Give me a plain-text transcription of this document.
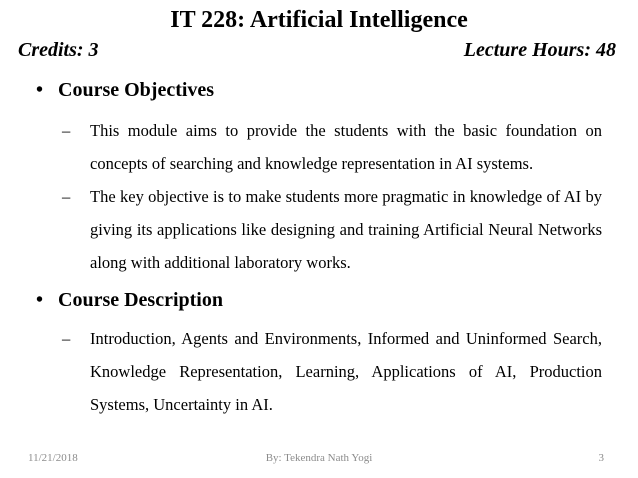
IT 228: Artificial Intelligence
Credits: 3	Lecture Hours: 48
• Course Objectives
– This module aims to provide the students with the basic foundation on concepts of searching and knowledge representation in AI systems.
– The key objective is to make students more pragmatic in knowledge of AI by giving its applications like designing and training Artificial Neural Networks along with additional laboratory works.
• Course Description
– Introduction, Agents and Environments, Informed and Uninformed Search, Knowledge Representation, Learning, Applications of AI, Production Systems, Uncertainty in AI.
11/21/2018	By: Tekendra Nath Yogi	3
